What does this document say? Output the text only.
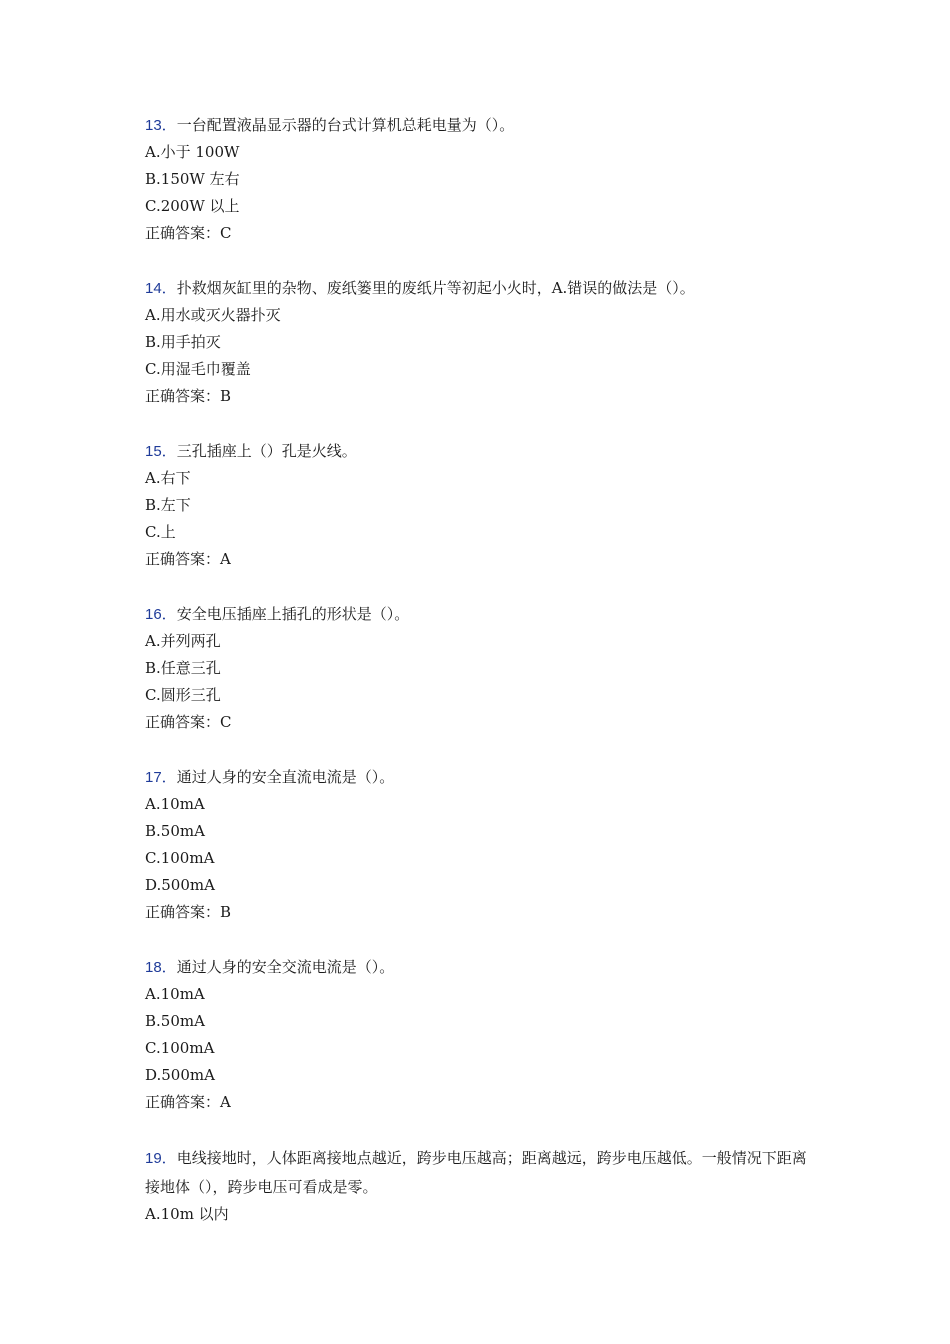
13．一台配置液晶显示器的台式计算机总耗电量为（）。

A.小于 100W

B.150W 左右

C.200W 以上

正确答案：C

14．扑救烟灰缸里的杂物、废纸篓里的废纸片等初起小火时，A.错误的做法是（）。

A.用水或灭火器扑灭

B.用手拍灭

C.用湿毛巾覆盖

正确答案：B

15．三孔插座上（）孔是火线。

A.右下

B.左下

C.上

正确答案：A

16．安全电压插座上插孔的形状是（）。

A.并列两孔

B.任意三孔

C.圆形三孔

正确答案：C

17．通过人身的安全直流电流是（）。

A.10mA

B.50mA

C.100mA

D.500mA

正确答案：B

18．通过人身的安全交流电流是（）。

A.10mA

B.50mA

C.100mA

D.500mA

正确答案：A

19．电线接地时，人体距离接地点越近，跨步电压越高；距离越远，跨步电压越低。一般情况下距离接地体（），跨步电压可看成是零。

A.10m 以内
